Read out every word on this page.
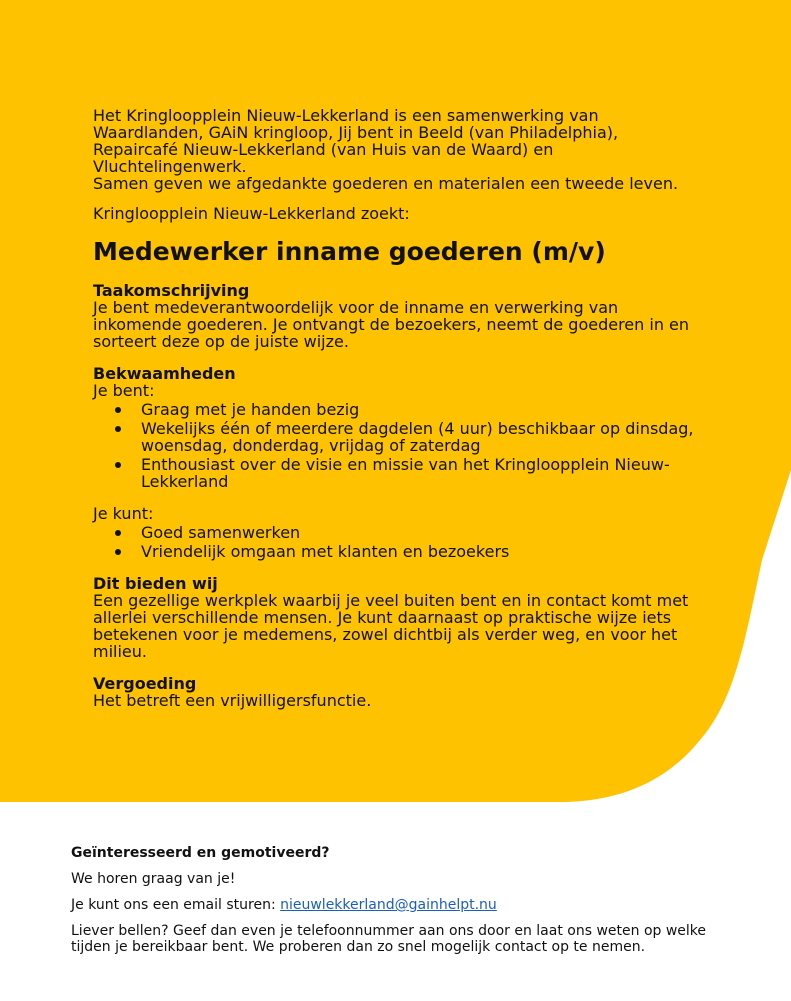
Het Kringloopplein Nieuw-Lekkerland is een samenwerking van

Waardlanden, GAiN kringloop, Jij bent in Beeld (van Philadelphia),

Repaircafé Nieuw-Lekkerland (van Huis van de Waard) en

Vluchtelingenwerk.

Samen geven we afgedankte goederen en materialen een tweede leven.

Kringloopplein Nieuw-Lekkerland zoekt:

Medewerker inname goederen (m/v)

Taakomschrijving

Je bent medeverantwoordelijk voor de inname en verwerking van inkomende goederen. Je ontvangt de bezoekers, neemt de goederen in en sorteert deze op de juiste wijze.

Bekwaamheden

Je bent:

Graag met je handen bezig
Wekelijks één of meerdere dagdelen (4 uur) beschikbaar op dinsdag, woensdag, donderdag, vrijdag of zaterdag
Enthousiast over de visie en missie van het Kringloopplein Nieuw-Lekkerland

Je kunt:

Goed samenwerken
Vriendelijk omgaan met klanten en bezoekers

Dit bieden wij

Een gezellige werkplek waarbij je veel buiten bent en in contact komt met allerlei verschillende mensen. Je kunt daarnaast op praktische wijze iets betekenen voor je medemens, zowel dichtbij als verder weg, en voor het milieu.

Vergoeding

Het betreft een vrijwilligersfunctie.

Geïnteresseerd en gemotiveerd?

We horen graag van je!

Je kunt ons een email sturen: nieuwlekkerland@gainhelpt.nu

Liever bellen? Geef dan even je telefoonnummer aan ons door en laat ons weten op welke tijden je bereikbaar bent. We proberen dan zo snel mogelijk contact op te nemen.
